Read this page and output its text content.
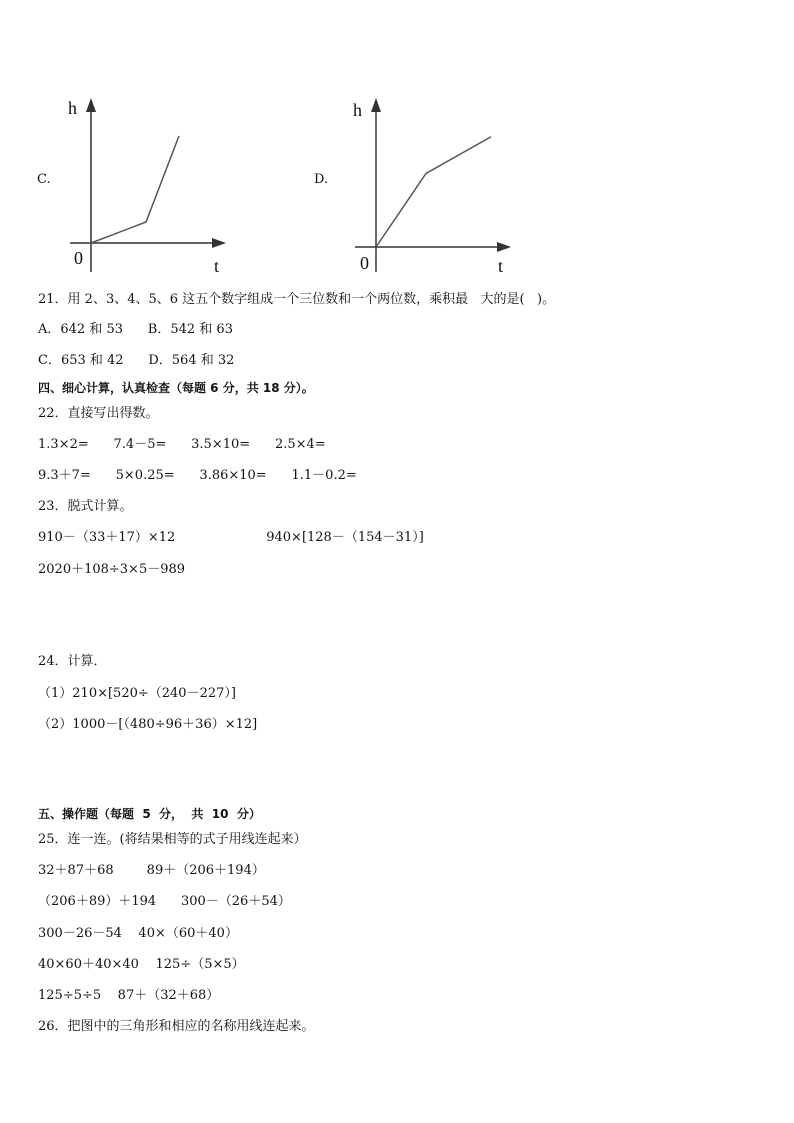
C.
h
t
0
D.
h
t
0
21．用 2、3、4、5、6 这五个数字组成一个三位数和一个两位数，乘积最   大的是(   )。
A．642 和 53      B．542 和 63
C．653 和 42      D．564 和 32
四、细心计算，认真检查（每题 6 分，共 18 分）。
22．直接写出得数。
1.3×2=      7.4－5=      3.5×10=      2.5×4=
9.3＋7=      5×0.25=      3.86×10=      1.1－0.2=
23．脱式计算。
910－（33＋17）×12                      940×[128－（154－31）]
2020＋108÷3×5－989
24．计算．
（1）210×[520÷（240－227）]
（2）1000－[（480÷96＋36）×12]
五、操作题（每题  5  分，  共  10  分）
25．连一连。(将结果相等的式子用线连起来）
32＋87＋68        89＋（206＋194）
（206＋89）＋194      300－（26＋54）
300－26－54    40×（60＋40）
40×60＋40×40    125÷（5×5）
125÷5÷5    87＋（32＋68）
26．把图中的三角形和相应的名称用线连起来。
